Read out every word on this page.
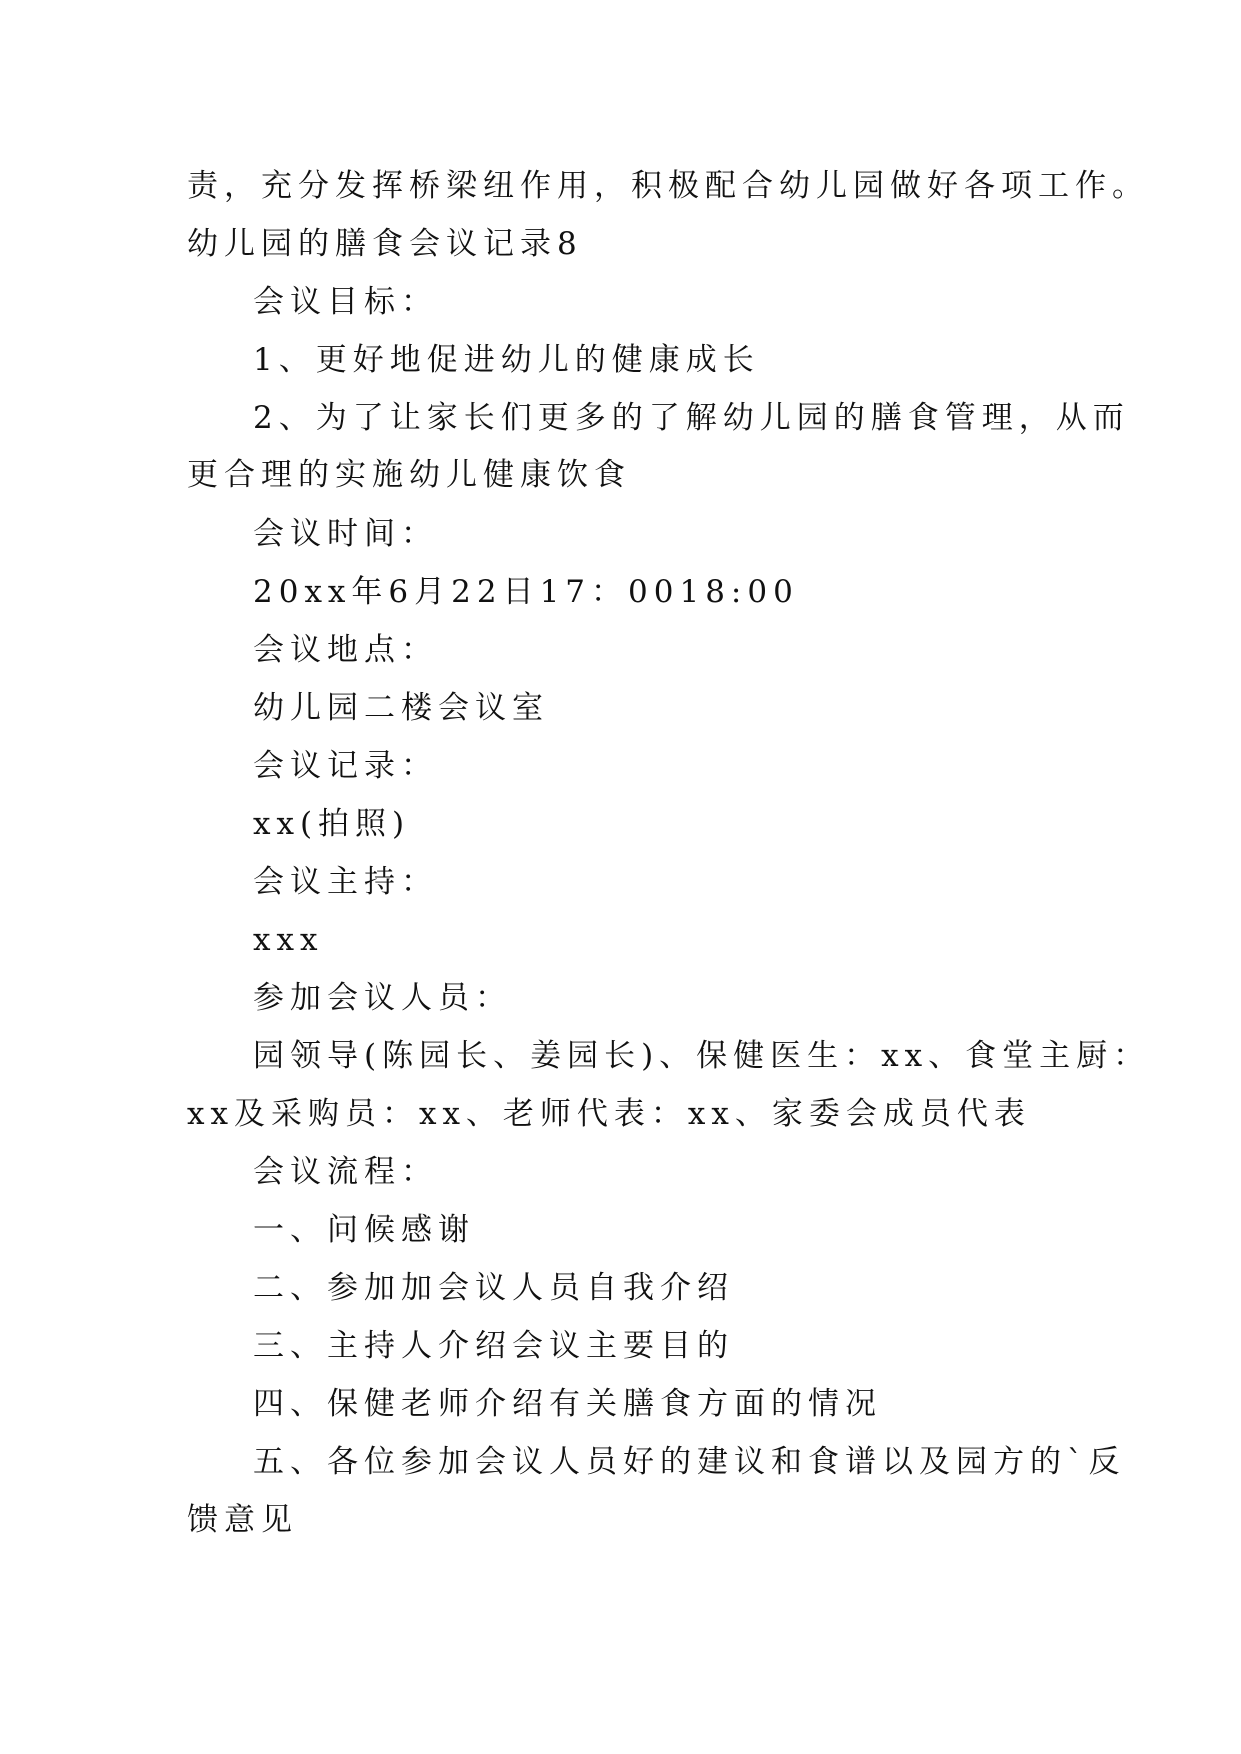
责，充分发挥桥梁纽作用，积极配合幼儿园做好各项工作。
幼儿园的膳食会议记录8
会议目标：
1、更好地促进幼儿的健康成长
2、为了让家长们更多的了解幼儿园的膳食管理，从而
更合理的实施幼儿健康饮食
会议时间：
20xx年6月22日17：0018:00
会议地点：
幼儿园二楼会议室
会议记录：
xx(拍照)
会议主持：
xxx
参加会议人员：
园领导(陈园长、姜园长)、保健医生：xx、食堂主厨：
xx及采购员：xx、老师代表：xx、家委会成员代表
会议流程：
一、问候感谢
二、参加加会议人员自我介绍
三、主持人介绍会议主要目的
四、保健老师介绍有关膳食方面的情况
五、各位参加会议人员好的建议和食谱以及园方的`反
馈意见
